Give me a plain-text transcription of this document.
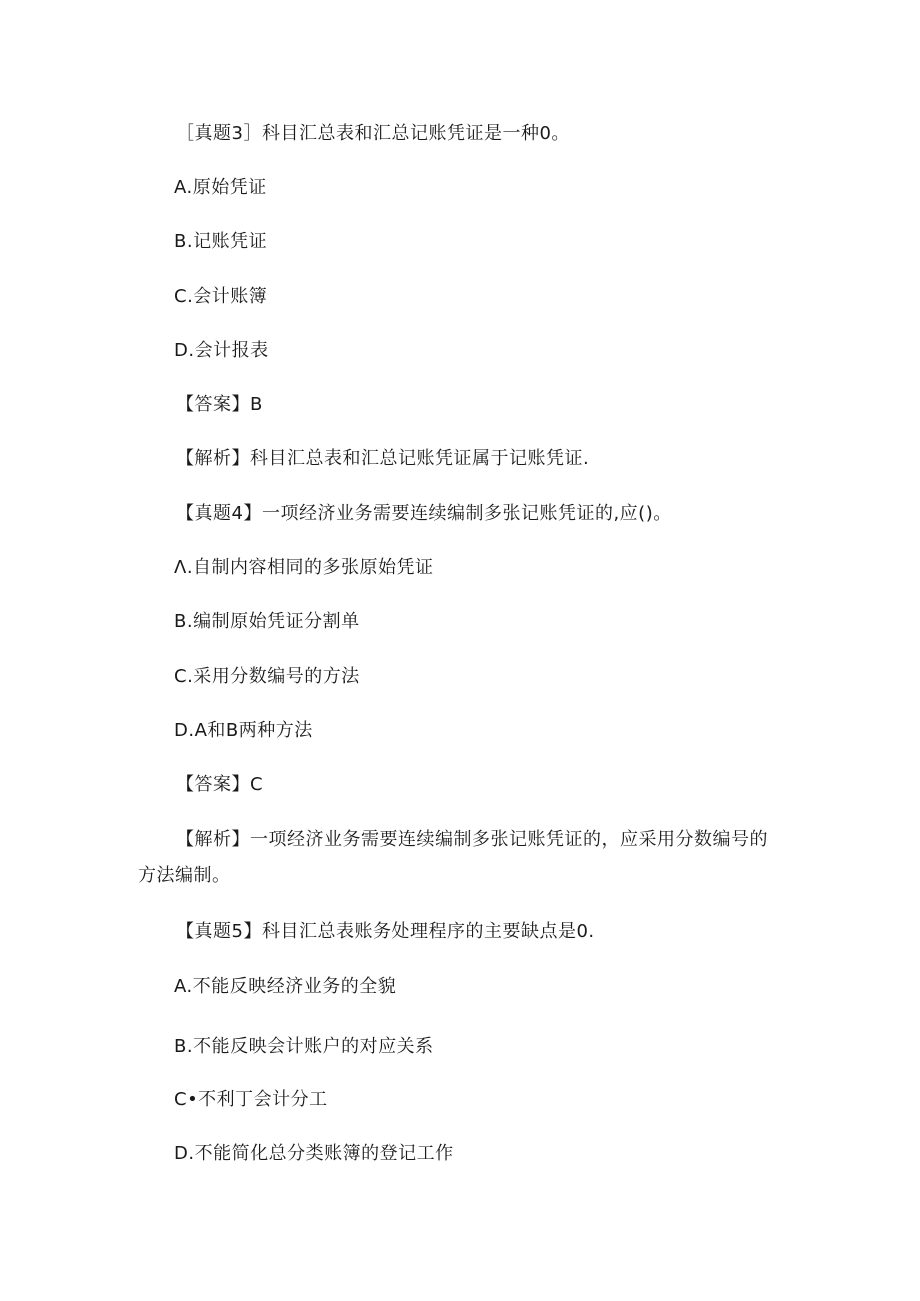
［真题3］科目汇总表和汇总记账凭证是一种0。
A.原始凭证
B.记账凭证
C.会计账簿
D.会计报表
【答案】B
【解析】科目汇总表和汇总记账凭证属于记账凭证.
【真题4】一项经济业务需要连续编制多张记账凭证的,应()。
Λ.自制内容相同的多张原始凭证
B.编制原始凭证分割单
C.采用分数编号的方法
D.A和B两种方法
【答案】C
【解析】一项经济业务需要连续编制多张记账凭证的，应采用分数编号的方法编制。
【真题5】科目汇总表账务处理程序的主要缺点是0.
A.不能反映经济业务的全貌
B.不能反映会计账户的对应关系
C•不利丁会计分工
D.不能简化总分类账簿的登记工作
